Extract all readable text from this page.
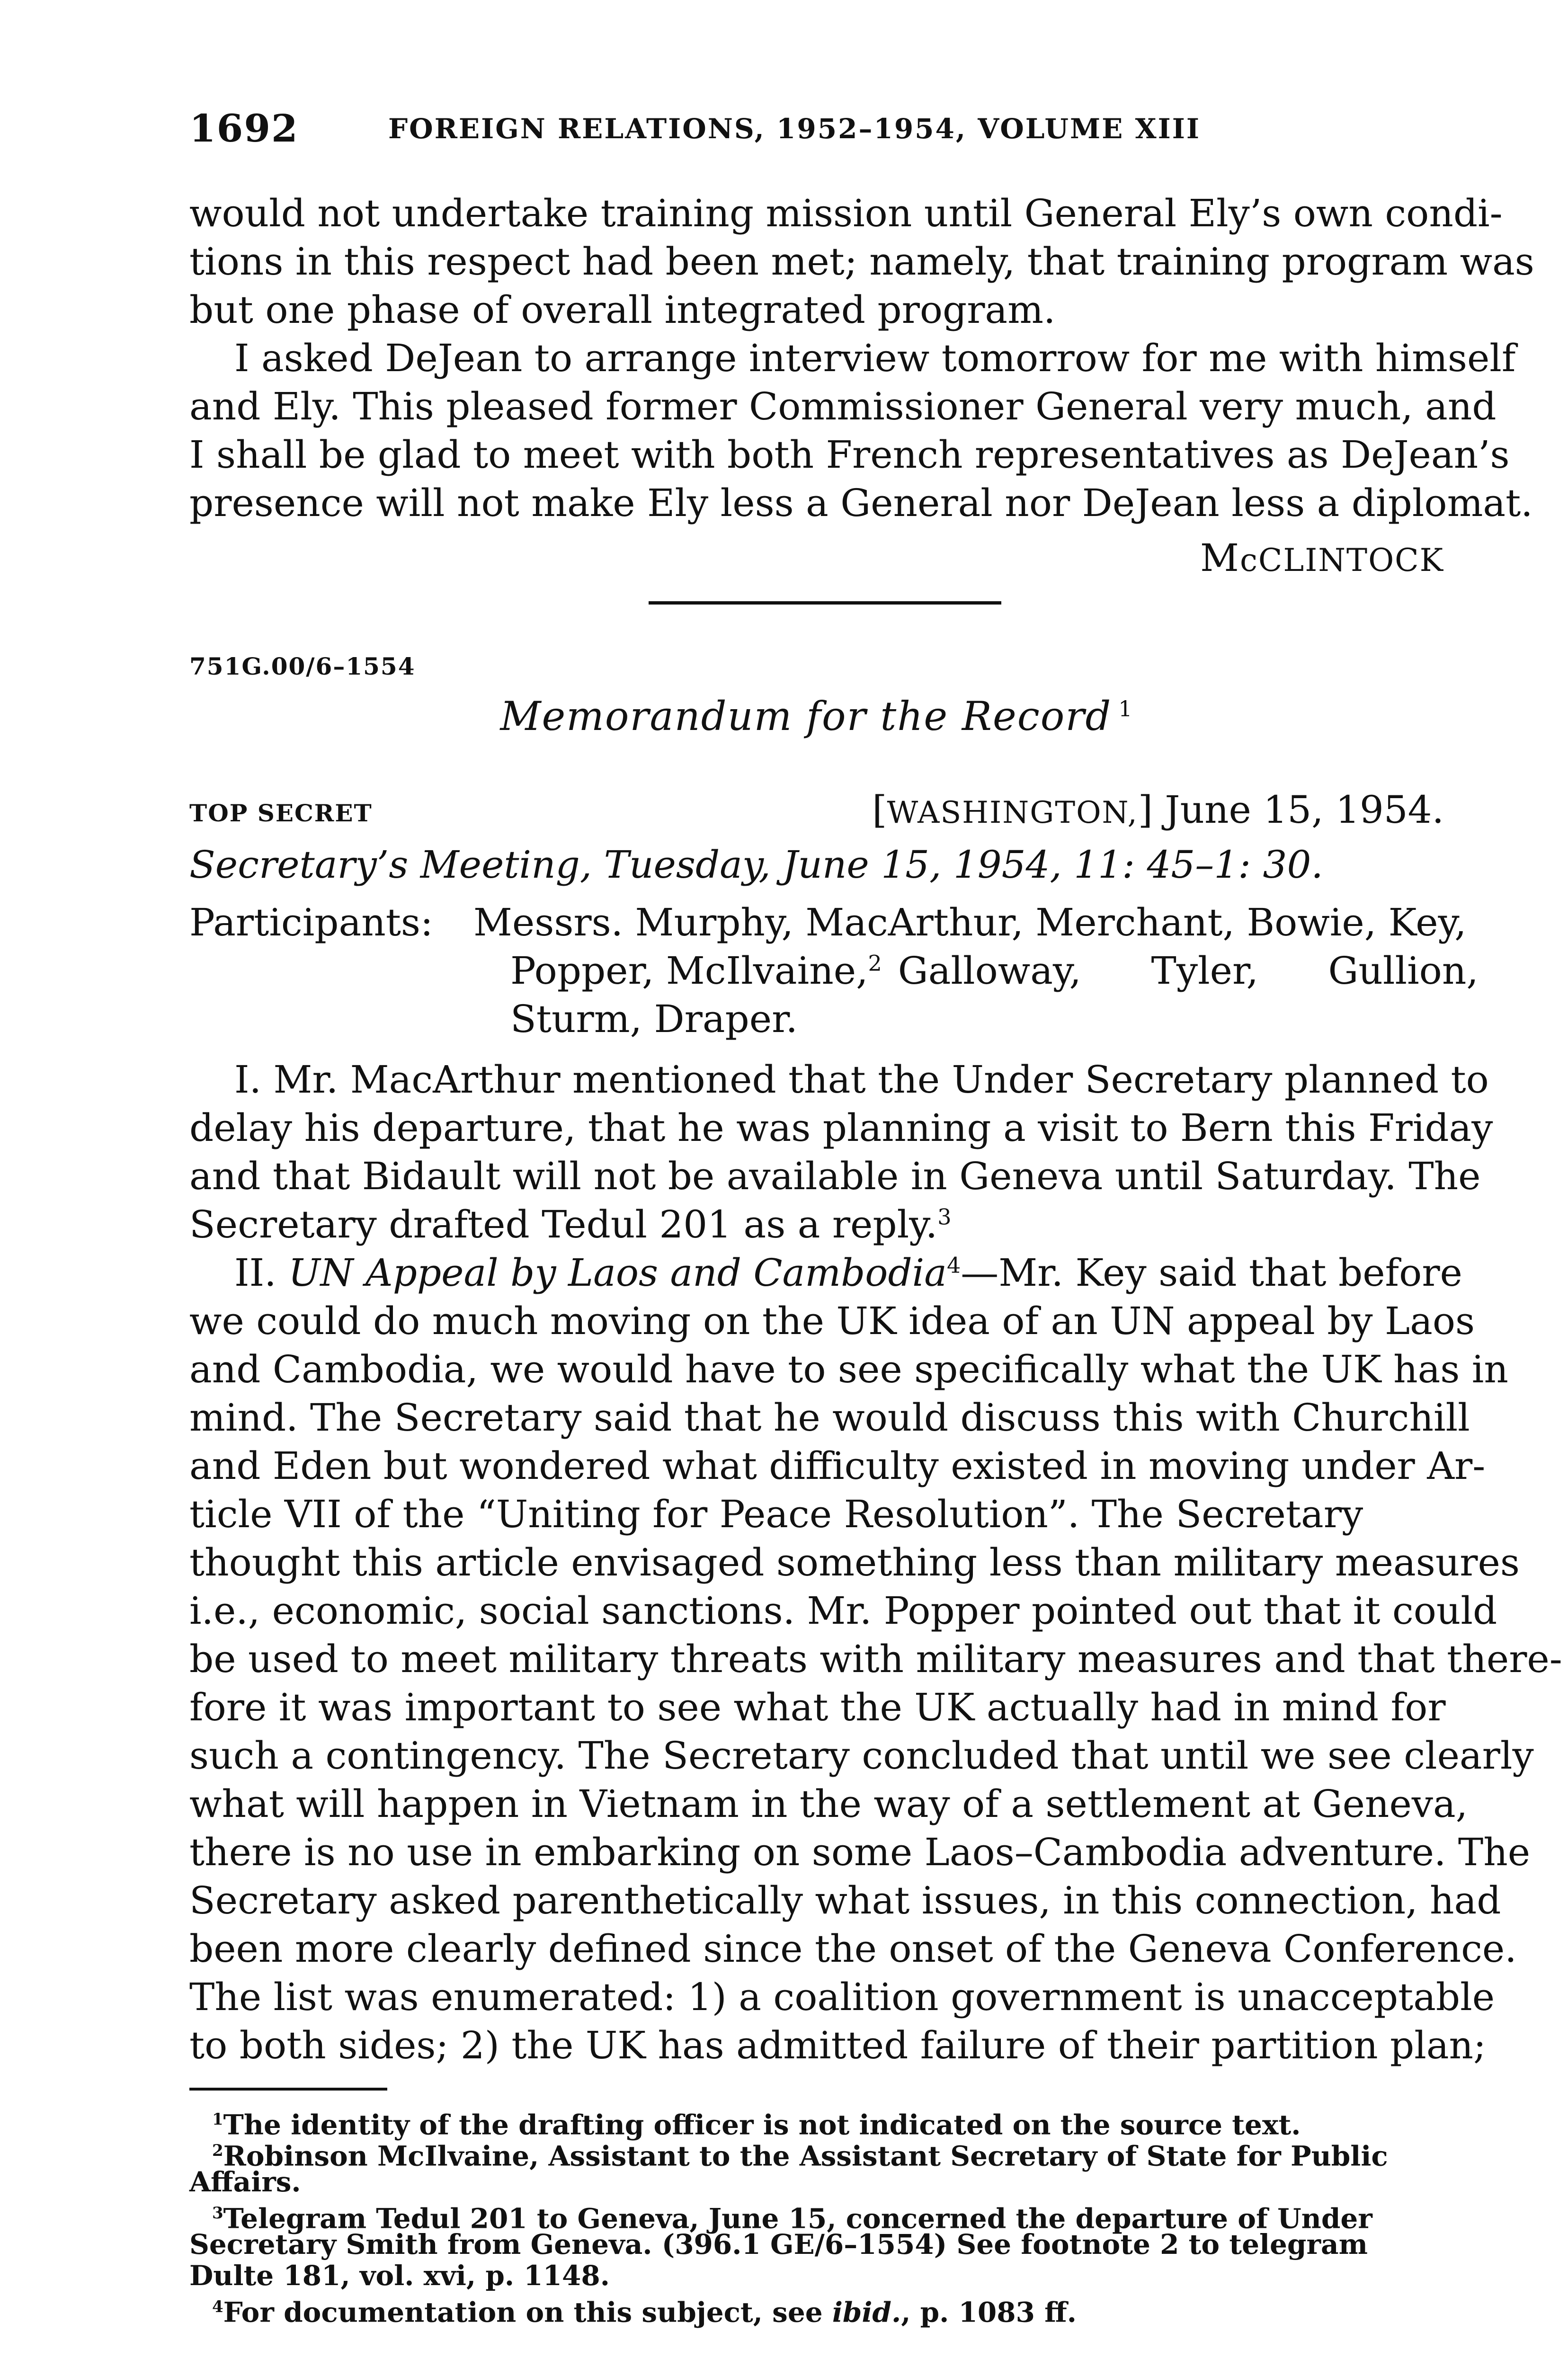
1692	FOREIGN RELATIONS, 1952–1954, VOLUME XIII
would not undertake training mission until General Ely’s own condi-
tions in this respect had been met; namely, that training program was
but one phase of overall integrated program.
I asked DeJean to arrange interview tomorrow for me with himself
and Ely. This pleased former Commissioner General very much, and
I shall be glad to meet with both French representatives as DeJean’s
presence will not make Ely less a General nor DeJean less a diplomat.
McCLINTOCK
751G.00/6–1554
Memorandum for the Record $^1$
TOP SECRET	[WASHINGTON,] June 15, 1954.
Secretary’s Meeting, Tuesday, June 15, 1954, 11: 45–1: 30.
Participants: Messrs. Murphy, MacArthur, Merchant, Bowie, Key,
Popper, McIlvaine,$^2$ Galloway, Tyler, Gullion,
Sturm, Draper.
I. Mr. MacArthur mentioned that the Under Secretary planned to
delay his departure, that he was planning a visit to Bern this Friday
and that Bidault will not be available in Geneva until Saturday. The
Secretary drafted Tedul 201 as a reply.$^3$
II. UN Appeal by Laos and Cambodia$^4$—Mr. Key said that before
we could do much moving on the UK idea of an UN appeal by Laos
and Cambodia, we would have to see specifically what the UK has in
mind. The Secretary said that he would discuss this with Churchill
and Eden but wondered what difficulty existed in moving under Ar-
ticle VII of the “Uniting for Peace Resolution”. The Secretary
thought this article envisaged something less than military measures
i.e., economic, social sanctions. Mr. Popper pointed out that it could
be used to meet military threats with military measures and that there-
fore it was important to see what the UK actually had in mind for
such a contingency. The Secretary concluded that until we see clearly
what will happen in Vietnam in the way of a settlement at Geneva,
there is no use in embarking on some Laos–Cambodia adventure. The
Secretary asked parenthetically what issues, in this connection, had
been more clearly defined since the onset of the Geneva Conference.
The list was enumerated: 1) a coalition government is unacceptable
to both sides; 2) the UK has admitted failure of their partition plan;
$^1$The identity of the drafting officer is not indicated on the source text.
$^2$Robinson McIlvaine, Assistant to the Assistant Secretary of State for Public
Affairs.
$^3$Telegram Tedul 201 to Geneva, June 15, concerned the departure of Under
Secretary Smith from Geneva. (396.1 GE/6–1554) See footnote 2 to telegram
Dulte 181, vol. xvi, p. 1148.
$^4$For documentation on this subject, see ibid., p. 1083 ff.
